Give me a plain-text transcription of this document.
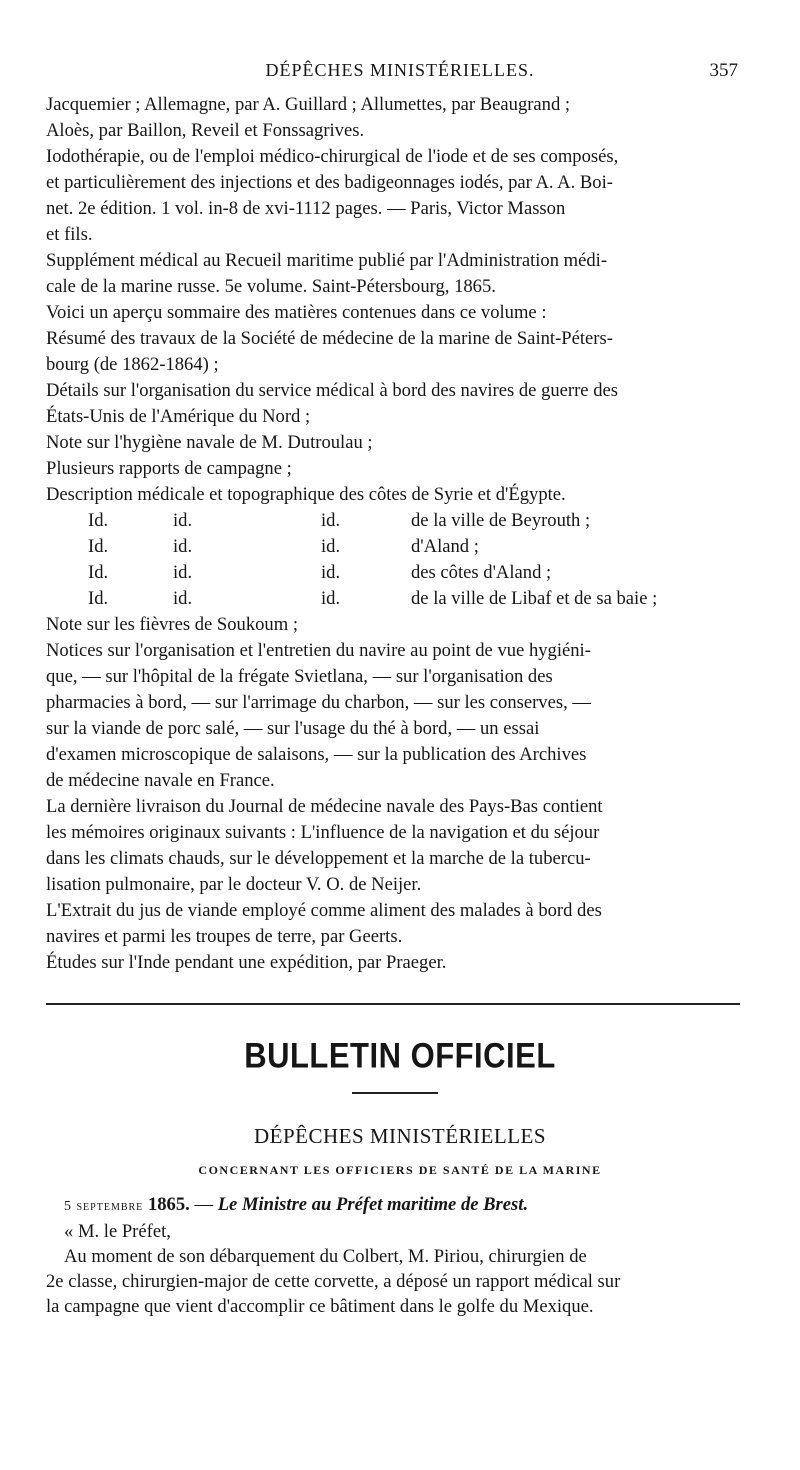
DÉPÊCHES MINISTÉRIELLES.	357
Jacquemier ; Allemagne, par A. Guillard ; Allumettes, par Beaugrand ;
Aloès, par Baillon, Reveil et Fonssagrives.
Iodothérapie, ou de l'emploi médico-chirurgical de l'iode et de ses composés,
et particulièrement des injections et des badigeonnages iodés, par A. A. Boi-
net. 2e édition. 1 vol. in-8 de xvi-1112 pages. — Paris, Victor Masson
et fils.
Supplément médical au Recueil maritime publié par l'Administration médi-
cale de la marine russe. 5e volume. Saint-Pétersbourg, 1865.
Voici un aperçu sommaire des matières contenues dans ce volume :
Résumé des travaux de la Société de médecine de la marine de Saint-Péters-
bourg (de 1862-1864) ;
Détails sur l'organisation du service médical à bord des navires de guerre des
États-Unis de l'Amérique du Nord ;
Note sur l'hygiène navale de M. Dutroulau ;
Plusieurs rapports de campagne ;
Description médicale et topographique des côtes de Syrie et d'Égypte.
Id.	id.	id.	de la ville de Beyrouth ;
Id.	id.	id.	d'Aland ;
Id.	id.	id.	des côtes d'Aland ;
Id.	id.	id.	de la ville de Libaf et de sa baie ;
Note sur les fièvres de Soukoum ;
Notices sur l'organisation et l'entretien du navire au point de vue hygiéni-
que, — sur l'hôpital de la frégate Svietlana, — sur l'organisation des
pharmacies à bord, — sur l'arrimage du charbon, — sur les conserves, —
sur la viande de porc salé, — sur l'usage du thé à bord, — un essai
d'examen microscopique de salaisons, — sur la publication des Archives
de médecine navale en France.
La dernière livraison du Journal de médecine navale des Pays-Bas contient
les mémoires originaux suivants : L'influence de la navigation et du séjour
dans les climats chauds, sur le développement et la marche de la tubercu-
lisation pulmonaire, par le docteur V. O. de Neijer.
L'Extrait du jus de viande employé comme aliment des malades à bord des
navires et parmi les troupes de terre, par Geerts.
Études sur l'Inde pendant une expédition, par Praeger.
BULLETIN OFFICIEL
DÉPÊCHES MINISTÉRIELLES
CONCERNANT LES OFFICIERS DE SANTÉ DE LA MARINE

5 septembre 1865. — Le Ministre au Préfet maritime de Brest.

« M. le Préfet,

Au moment de son débarquement du Colbert, M. Piriou, chirurgien de

2e classe, chirurgien-major de cette corvette, a déposé un rapport médical sur

la campagne que vient d'accomplir ce bâtiment dans le golfe du Mexique.
